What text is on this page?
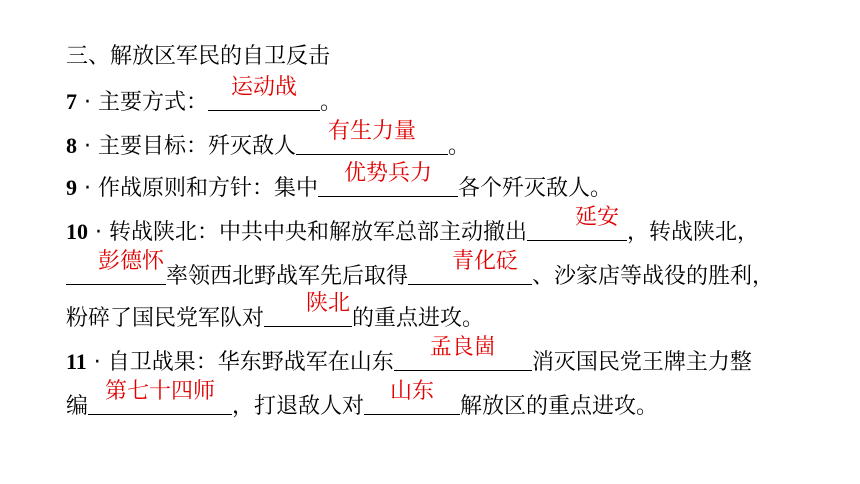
三、解放区军民的自卫反击
7 · 主要方式：
运动战
。
8 · 主要目标：歼灭敌人
有生力量
。
9 · 作战原则和方针：集中
优势兵力
各个歼灭敌人。
10 · 转战陕北：中共中央和解放军总部主动撤出
延安
，转战陕北，
彭德怀
率领西北野战军先后取得
青化砭
、沙家店等战役的胜利，
粉碎了国民党军队对
陕北
的重点进攻。
11 · 自卫战果：华东野战军在山东
孟良崮
消灭国民党王牌主力整
编
第七十四师
，打退敌人对
山东
解放区的重点进攻。
